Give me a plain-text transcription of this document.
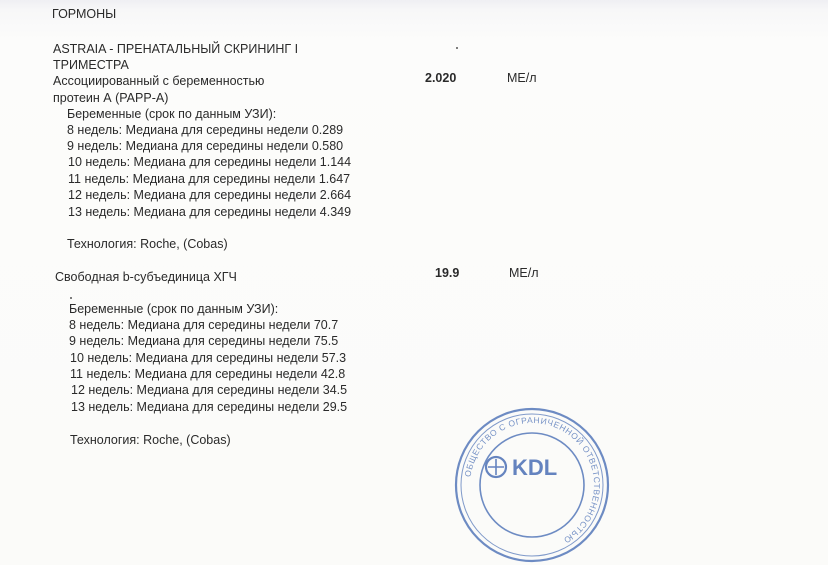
ГОРМОНЫ
ASTRAIA - ПРЕНАТАЛЬНЫЙ СКРИНИНГ I
ТРИМЕСТРА
Ассоциированный с беременностью
протеин А (PAPP-A)
2.020	МЕ/л
Беременные (срок по данным УЗИ):
8 недель: Медиана для середины недели 0.289
9 недель: Медиана для середины недели 0.580
10 недель: Медиана для середины недели 1.144
11 недель: Медиана для середины недели 1.647
12 недель: Медиана для середины недели 2.664
13 недель: Медиана для середины недели 4.349
Технология: Roche, (Cobas)
Свободная b-субъединица ХГЧ	19.9	МЕ/л
Беременные (срок по данным УЗИ):
8 недель: Медиана для середины недели 70.7
9 недель: Медиана для середины недели 75.5
10 недель: Медиана для середины недели 57.3
11 недель: Медиана для середины недели 42.8
12 недель: Медиана для середины недели 34.5
13 недель: Медиана для середины недели 29.5
Технология: Roche, (Cobas)
ОБЩЕСТВО С ОГРАНИЧЕННОЙ ОТВЕТСТВЕННОСТЬЮ
KDL
